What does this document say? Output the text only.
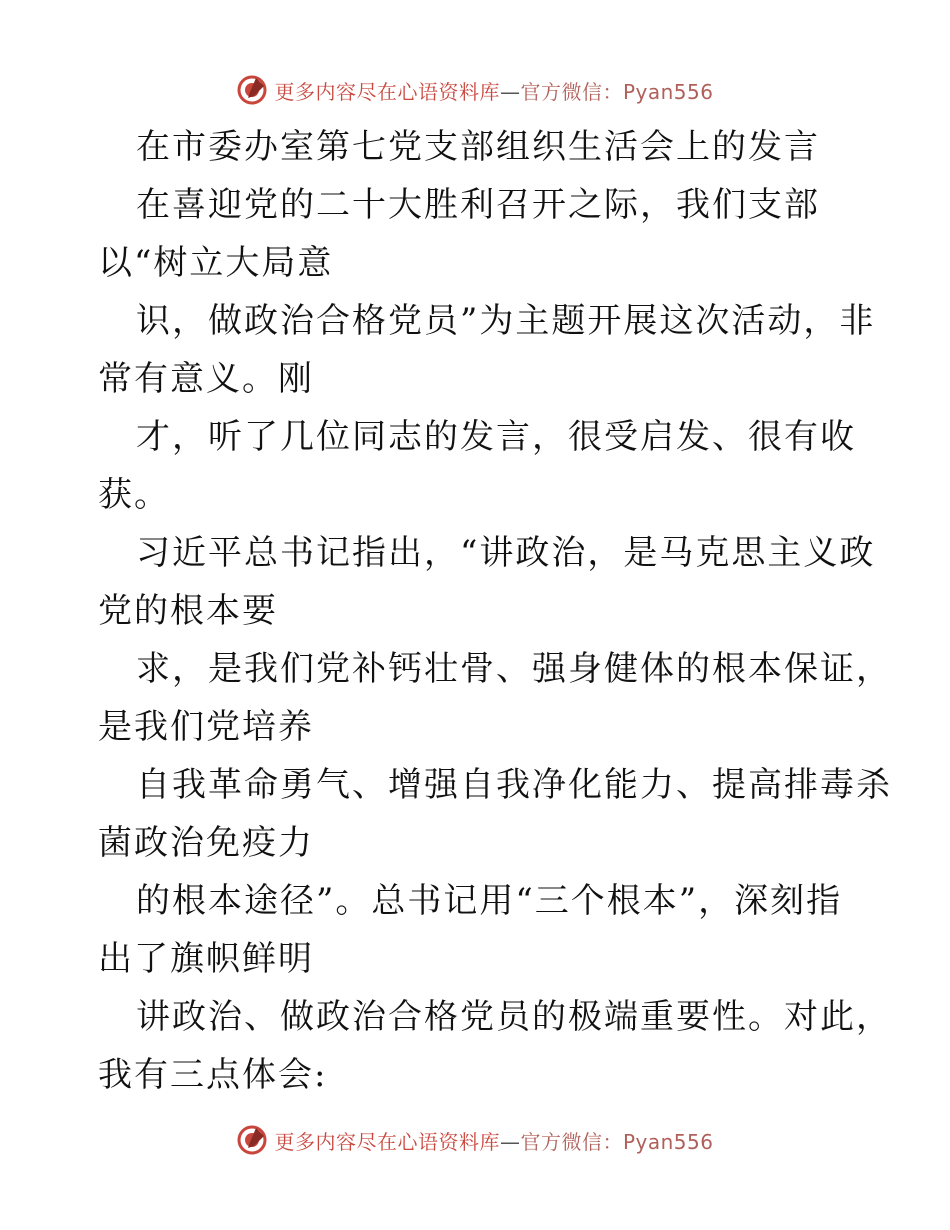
更多内容尽在心语资料库—官方微信：Pyan556
在市委办室第七党支部组织生活会上的发言
在喜迎党的二十大胜利召开之际，我们支部
以“树立大局意
识，做政治合格党员”为主题开展这次活动，非
常有意义。刚
才，听了几位同志的发言，很受启发、很有收
获。
习近平总书记指出，“讲政治，是马克思主义政
党的根本要
求，是我们党补钙壮骨、强身健体的根本保证，
是我们党培养
自我革命勇气、增强自我净化能力、提高排毒杀
菌政治免疫力
的根本途径”。总书记用“三个根本”，深刻指
出了旗帜鲜明
讲政治、做政治合格党员的极端重要性。对此，
我有三点体会:
更多内容尽在心语资料库—官方微信：Pyan556
